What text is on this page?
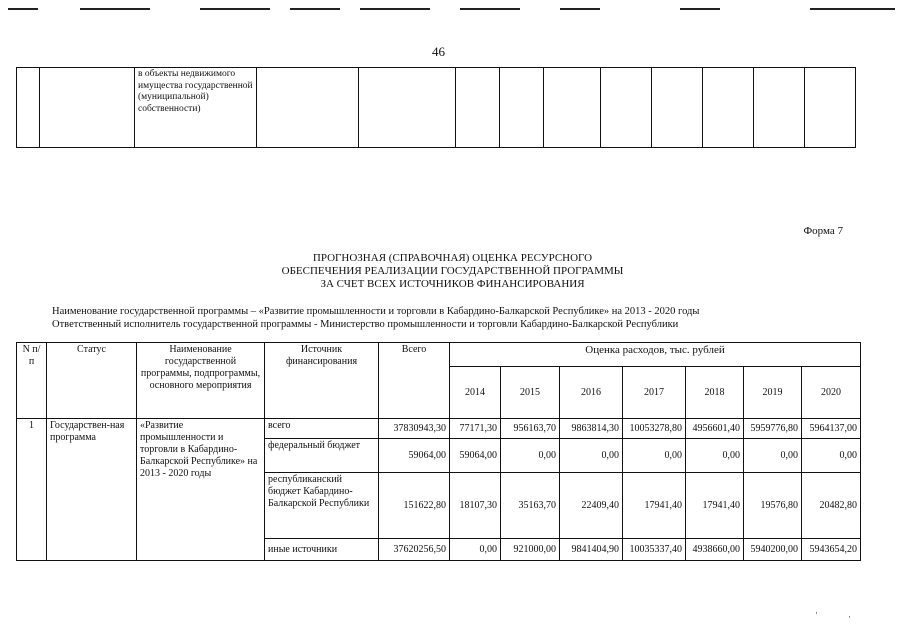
46
		в объекты недвижимого имущества государственной (муниципальной) собственности)										
Форма 7
ПРОГНОЗНАЯ (СПРАВОЧНАЯ) ОЦЕНКА РЕСУРСНОГО
ОБЕСПЕЧЕНИЯ РЕАЛИЗАЦИИ ГОСУДАРСТВЕННОЙ ПРОГРАММЫ
ЗА СЧЕТ ВСЕХ ИСТОЧНИКОВ ФИНАНСИРОВАНИЯ
Наименование государственной программы – «Развитие промышленности и торговли в Кабардино-Балкарской Республике» на 2013 - 2020 годы
Ответственный исполнитель государственной программы - Министерство промышленности и торговли Кабардино-Балкарской Республики
N п/п	Статус	Наименование государственной программы, подпрограммы, основного мероприятия	Источник финансирования	Всего	Оценка расходов, тыс. рублей						
					2014	2015	2016	2017	2018	2019	2020
1	Государствен-ная программа	«Развитие промышленности и торговли в Кабардино-Балкарской Республике» на 2013 - 2020 годы	всего	37830943,30	77171,30	956163,70	9863814,30	10053278,80	4956601,40	5959776,80	5964137,00
			федеральный бюджет	59064,00	59064,00	0,00	0,00	0,00	0,00	0,00	0,00
			республиканский бюджет Кабардино-Балкарской Республики	151622,80	18107,30	35163,70	22409,40	17941,40	17941,40	19576,80	20482,80
			иные источники	37620256,50	0,00	921000,00	9841404,90	10035337,40	4938660,00	5940200,00	5943654,20
·	·
